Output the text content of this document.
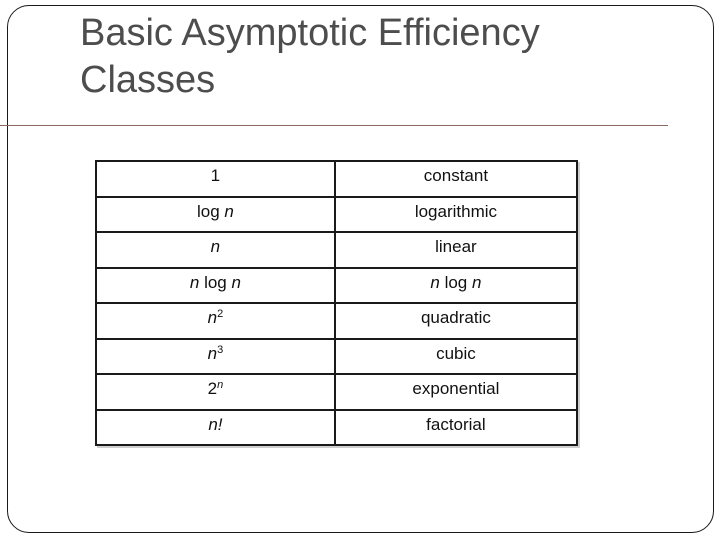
Basic Asymptotic Efficiency
Classes
1	constant
log n	logarithmic
n	linear
n log n	n log n
$n^2$	quadratic
$n^3$	cubic
2$^n$	exponential
n!	factorial
